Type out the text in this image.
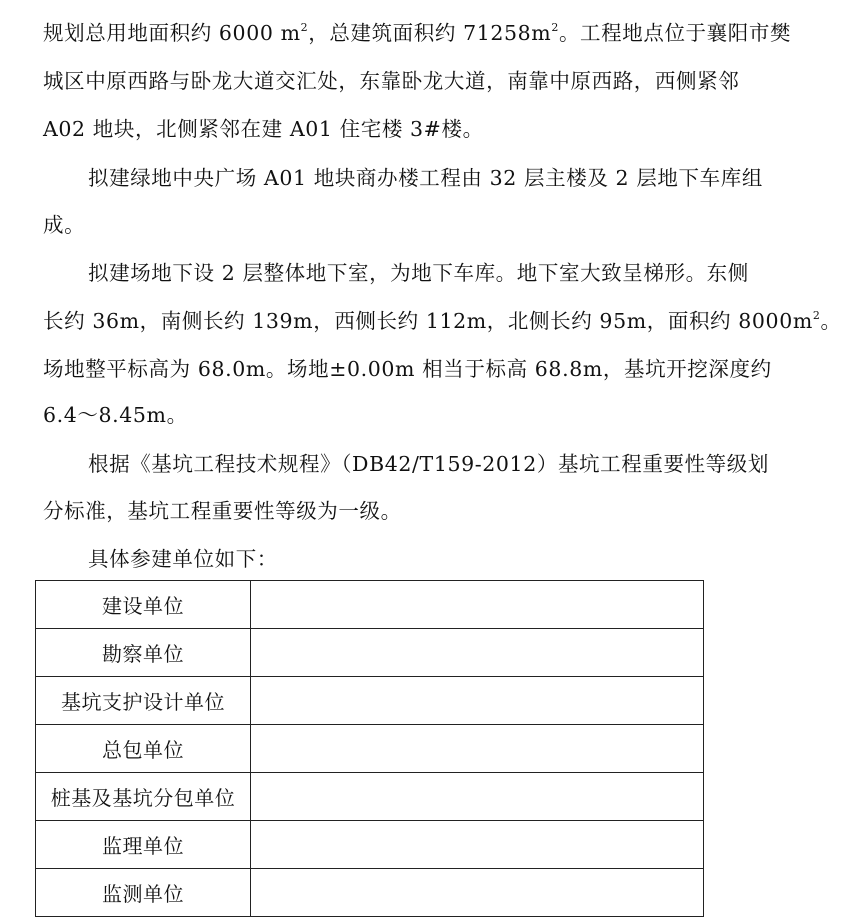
规划总用地面积约 6000 $m^2$，总建筑面积约 $71258m^2$。工程地点位于襄阳市樊
城区中原西路与卧龙大道交汇处，东靠卧龙大道，南靠中原西路，西侧紧邻
A02 地块，北侧紧邻在建 A01 住宅楼 3#楼。
拟建绿地中央广场 A01 地块商办楼工程由 32 层主楼及 2 层地下车库组
成。
拟建场地下设 2 层整体地下室，为地下车库。地下室大致呈梯形。东侧
长约 36m，南侧长约 139m，西侧长约 112m，北侧长约 95m，面积约 $8000m^2$。
场地整平标高为 68.0m。场地±0.00m 相当于标高 68.8m，基坑开挖深度约
6.4～8.45m。
根据《基坑工程技术规程》（DB42/T159-2012）基坑工程重要性等级划
分标准，基坑工程重要性等级为一级。
具体参建单位如下：
建设单位	
勘察单位	
基坑支护设计单位	
总包单位	
桩基及基坑分包单位	
监理单位	
监测单位	
